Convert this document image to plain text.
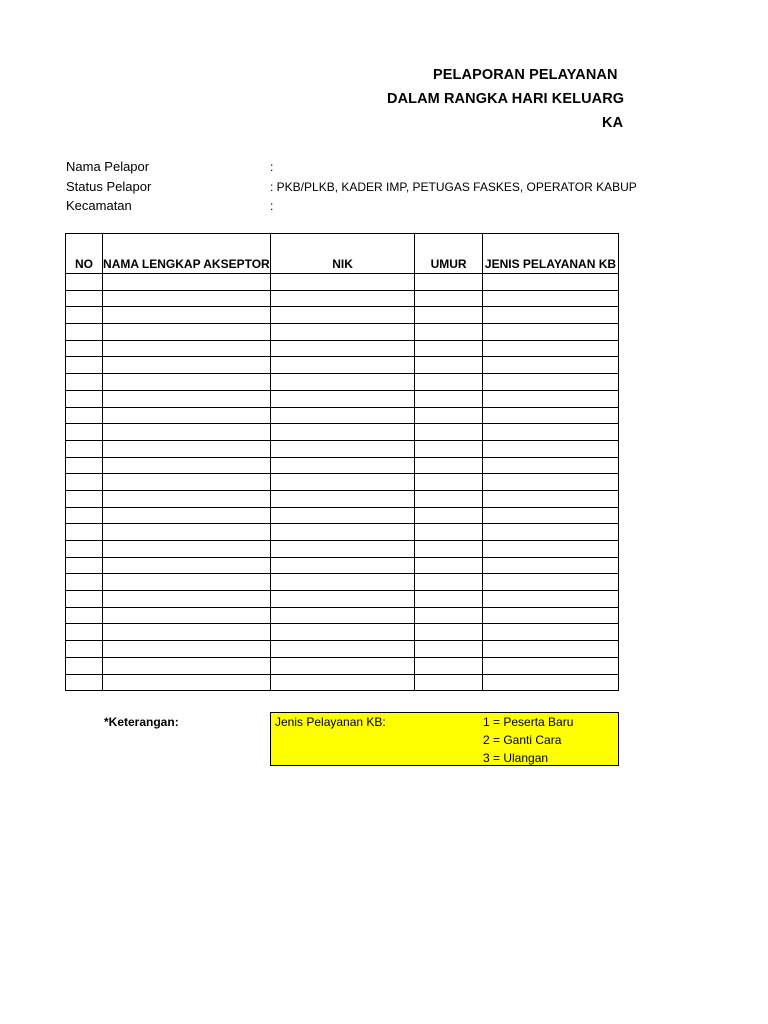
PELAPORAN PELAYANAN
DALAM RANGKA HARI KELUARG
KA
Nama Pelapor	:
Status Pelapor	: PKB/PLKB, KADER IMP, PETUGAS FASKES, OPERATOR KABUP
Kecamatan	:
NO	NAMA LENGKAP AKSEPTOR	NIK	UMUR	JENIS PELAYANAN KB

*Keterangan:	Jenis Pelayanan KB:	1 = Peserta Baru
2 = Ganti Cara
3 = Ulangan
